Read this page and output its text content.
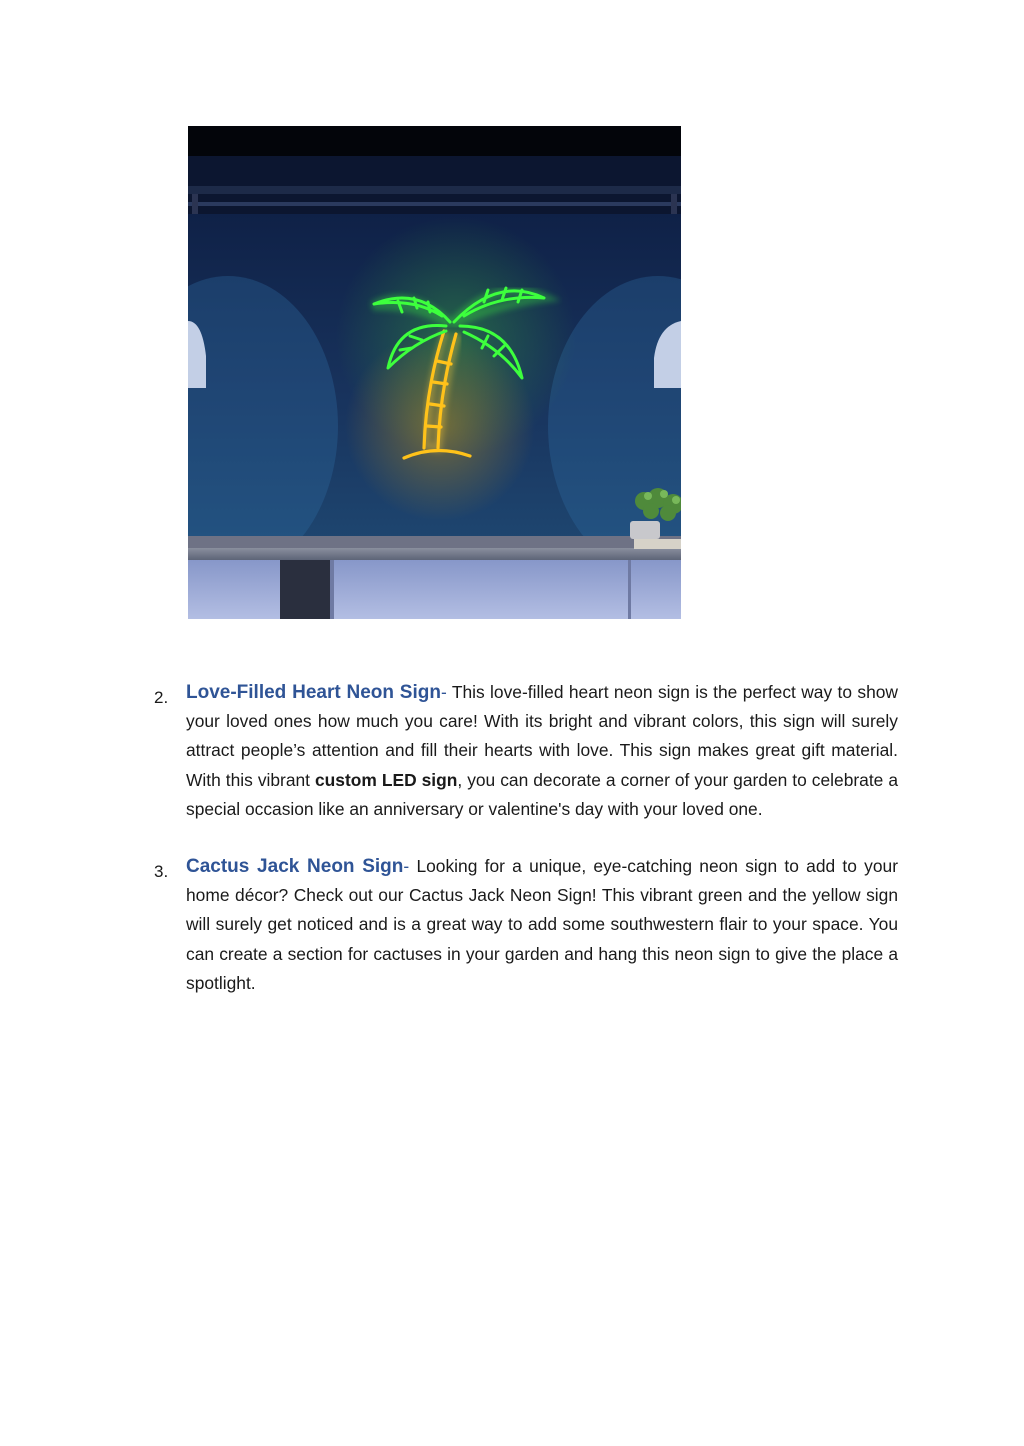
2. Love-Filled Heart Neon Sign- This love-filled heart neon sign is the perfect way to show your loved ones how much you care! With its bright and vibrant colors, this sign will surely attract people’s attention and fill their hearts with love. This sign makes great gift material. With this vibrant custom LED sign, you can decorate a corner of your garden to celebrate a special occasion like an anniversary or valentine's day with your loved one.

3. Cactus Jack Neon Sign- Looking for a unique, eye-catching neon sign to add to your home décor? Check out our Cactus Jack Neon Sign! This vibrant green and the yellow sign will surely get noticed and is a great way to add some southwestern flair to your space. You can create a section for cactuses in your garden and hang this neon sign to give the place a spotlight.
